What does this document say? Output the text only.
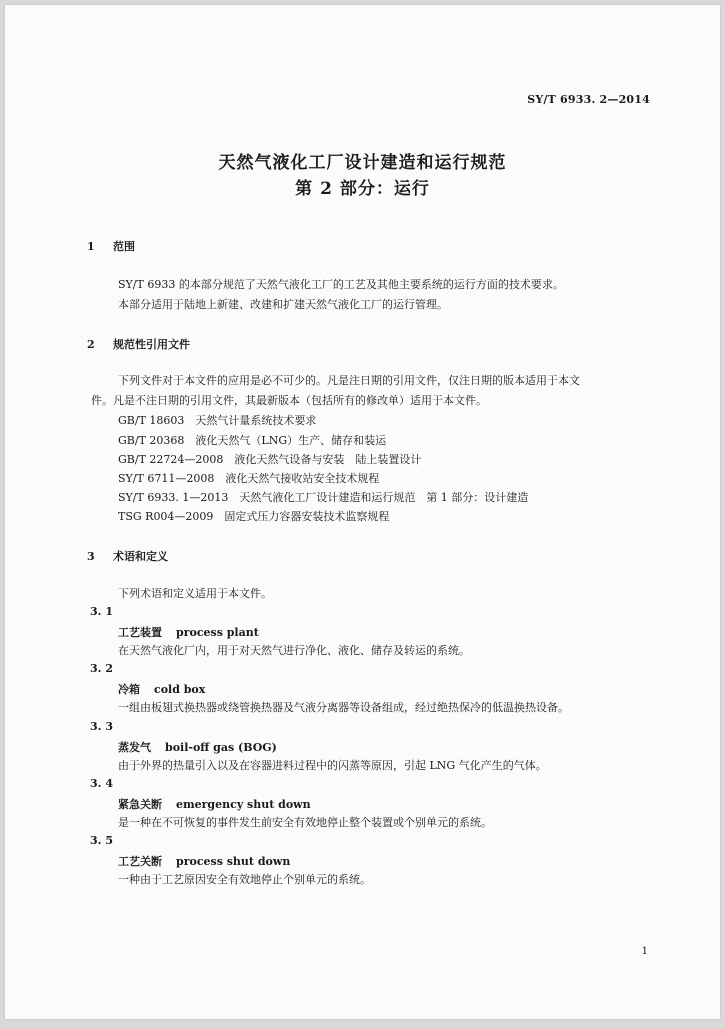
SY/T 6933. 2—2014
天然气液化工厂设计建造和运行规范
第 2 部分：运行
1 范围
SY/T 6933 的本部分规范了天然气液化工厂的工艺及其他主要系统的运行方面的技术要求。
本部分适用于陆地上新建、改建和扩建天然气液化工厂的运行管理。
2 规范性引用文件
下列文件对于本文件的应用是必不可少的。凡是注日期的引用文件，仅注日期的版本适用于本文
件。凡是不注日期的引用文件，其最新版本（包括所有的修改单）适用于本文件。
GB/T 18603　天然气计量系统技术要求
GB/T 20368　液化天然气（LNG）生产、储存和装运
GB/T 22724—2008　液化天然气设备与安装　陆上装置设计
SY/T 6711—2008　液化天然气接收站安全技术规程
SY/T 6933. 1—2013　天然气液化工厂设计建造和运行规范　第 1 部分：设计建造
TSG R004—2009　固定式压力容器安装技术监察规程
3 术语和定义
下列术语和定义适用于本文件。
3. 1
工艺装置 process plant
在天然气液化厂内，用于对天然气进行净化、液化、储存及转运的系统。
3. 2
冷箱 cold box
一组由板翅式换热器或绕管换热器及气液分离器等设备组成，经过绝热保冷的低温换热设备。
3. 3
蒸发气 boil-off gas (BOG)
由于外界的热量引入以及在容器进料过程中的闪蒸等原因，引起 LNG 气化产生的气体。
3. 4
紧急关断 emergency shut down
是一种在不可恢复的事件发生前安全有效地停止整个装置或个别单元的系统。
3. 5
工艺关断 process shut down
一种由于工艺原因安全有效地停止个别单元的系统。
1
